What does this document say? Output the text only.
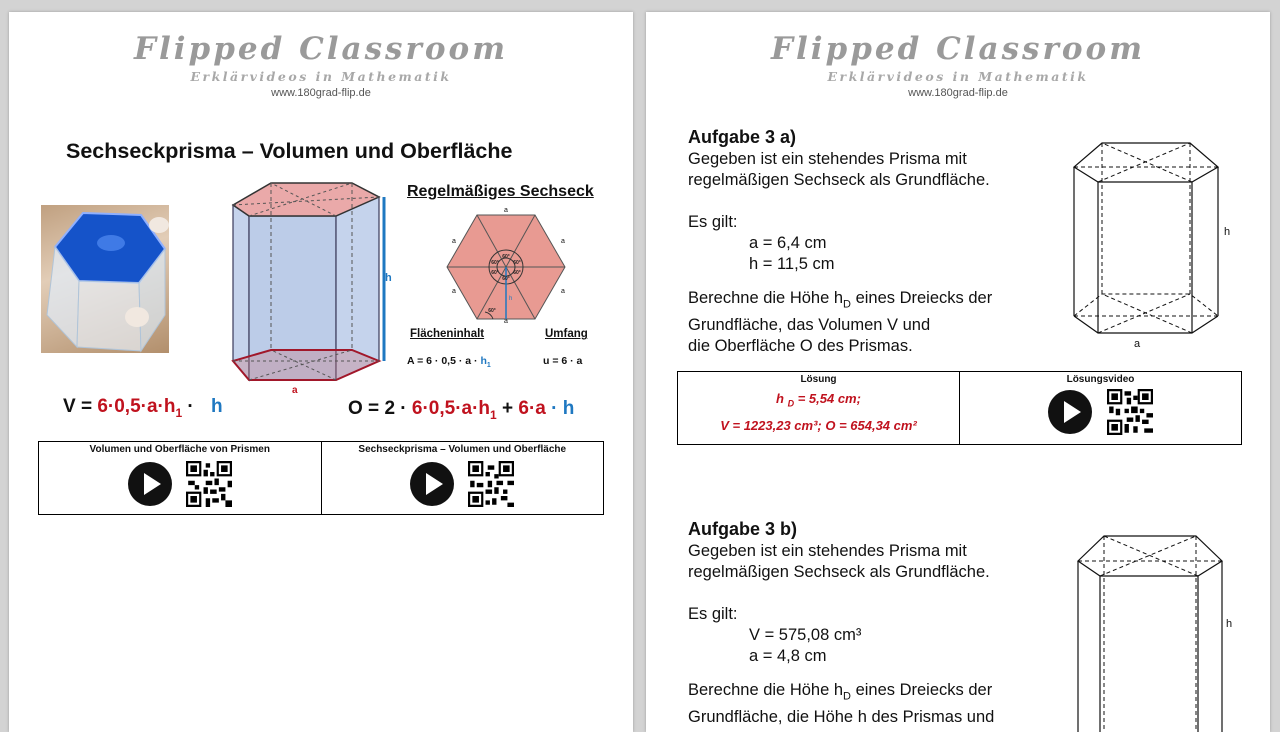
Flipped Classroom
Erklärvideos in Mathematik
www.180grad-flip.de
Sechseckprisma – Volumen und Oberfläche
h
a
Regelmäßiges Sechseck
60°
60°
60°
60°
60°
60°
60°
h
a
a
a
a
a
a
Flächeninhalt	Umfang
$A = 6 \cdot 0,5 \cdot a \cdot h_1$	u = 6 · a
$V = 6\cdot 0,5\cdot a\cdot h_1 \cdot h$	$O = 2 \cdot 6\cdot 0,5\cdot a\cdot h_1 + 6\cdot a \cdot h$
Volumen und Oberfläche von Prismen	Sechseckprisma – Volumen und Oberfläche

Flipped Classroom
Erklärvideos in Mathematik
www.180grad-flip.de
Aufgabe 3 a)
Gegeben ist ein stehendes Prisma mit
regelmäßigen Sechseck als Grundfläche.
Es gilt:
a = 6,4 cm
h = 11,5 cm
Berechne die Höhe $h_D$ eines Dreiecks der
Grundfläche, das Volumen V und
die Oberfläche O des Prismas.
h
a
Lösung
h $_D$ = 5,54 cm;
V = 1223,23 cm³; O = 654,34 cm²

Lösungsvideo

Aufgabe 3 b)
Gegeben ist ein stehendes Prisma mit
regelmäßigen Sechseck als Grundfläche.
Es gilt:
V = 575,08 cm³
a = 4,8 cm
Berechne die Höhe $h_D$ eines Dreiecks der
Grundfläche, die Höhe h des Prismas und
h
